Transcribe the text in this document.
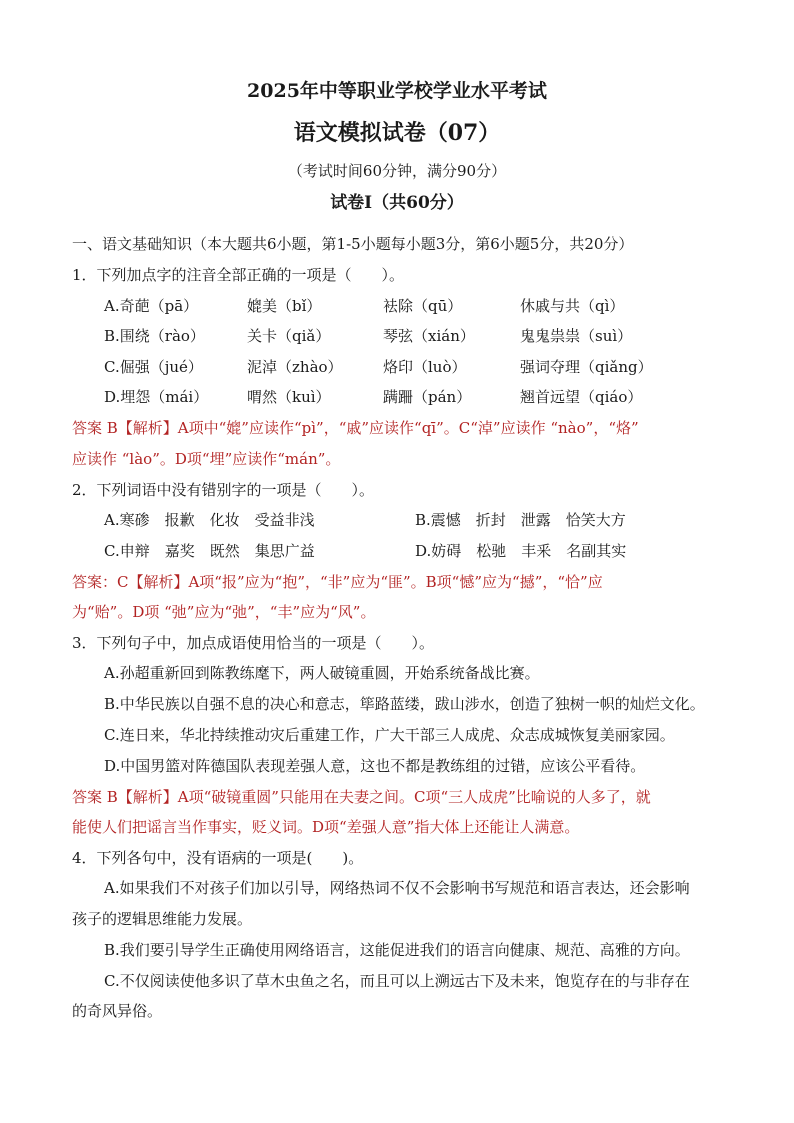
2025年中等职业学校学业水平考试
语文模拟试卷（07）
（考试时间60分钟，满分90分）
试卷Ⅰ（共60分）
一、语文基础知识（本大题共6小题，第1-5小题每小题3分，第6小题5分，共20分）
1．下列加点字的注音全部正确的一项是（　　）。
A.奇葩（pā）	媲美（bǐ）	袪除（qū）	休戚与共（qì）
B.围绕（rào）	关卡（qiǎ）	琴弦（xián）	鬼鬼祟祟（suì）
C.倔强（jué）	泥淖（zhào）	烙印（luò）	强词夺理（qiǎng）
D.埋怨（mái）	喟然（kuì）	蹒跚（pán）	翘首远望（qiáo）
答案 B【解析】A项中“媲”应读作“pì”，“戚”应读作“qī”。C“淖”应读作 “nào”，“烙”
应读作 “lào”。D项“埋”应读作“mán”。
2．下列词语中没有错别字的一项是（　　）。
A.寒碜　报歉　化妆　受益非浅	B.震憾　折封　泄露　恰笑大方
C.申辩　嘉奖　既然　集思广益	D.妨碍　松驰　丰釆　名副其实
答案：C【解析】A项“报”应为“抱”，“非”应为“匪”。B项“憾”应为“撼”，“恰”应
为“贻”。D项 “弛”应为“弛”，“丰”应为“风”。
3．下列句子中，加点成语使用恰当的一项是（　　）。
A.孙超重新回到陈教练麾下，两人破镜重圆，开始系统备战比赛。
B.中华民族以自强不息的决心和意志，筚路蓝缕，跋山涉水，创造了独树一帜的灿烂文化。
C.连日来，华北持续推动灾后重建工作，广大干部三人成虎、众志成城恢复美丽家园。
D.中国男篮对阵德国队表现差强人意，这也不都是教练组的过错，应该公平看待。
答案 B【解析】A项“破镜重圆”只能用在夫妻之间。C项“三人成虎”比喻说的人多了，就
能使人们把谣言当作事实，贬义词。D项“差强人意”指大体上还能让人满意。
4．下列各句中，没有语病的一项是(　　)。
A.如果我们不对孩子们加以引导，网络热词不仅不会影响书写规范和语言表达，还会影响
孩子的逻辑思维能力发展。
B.我们要引导学生正确使用网络语言，这能促进我们的语言向健康、规范、高雅的方向。
C.不仅阅读使他多识了草木虫鱼之名，而且可以上溯远古下及未来，饱览存在的与非存在
的奇风异俗。
